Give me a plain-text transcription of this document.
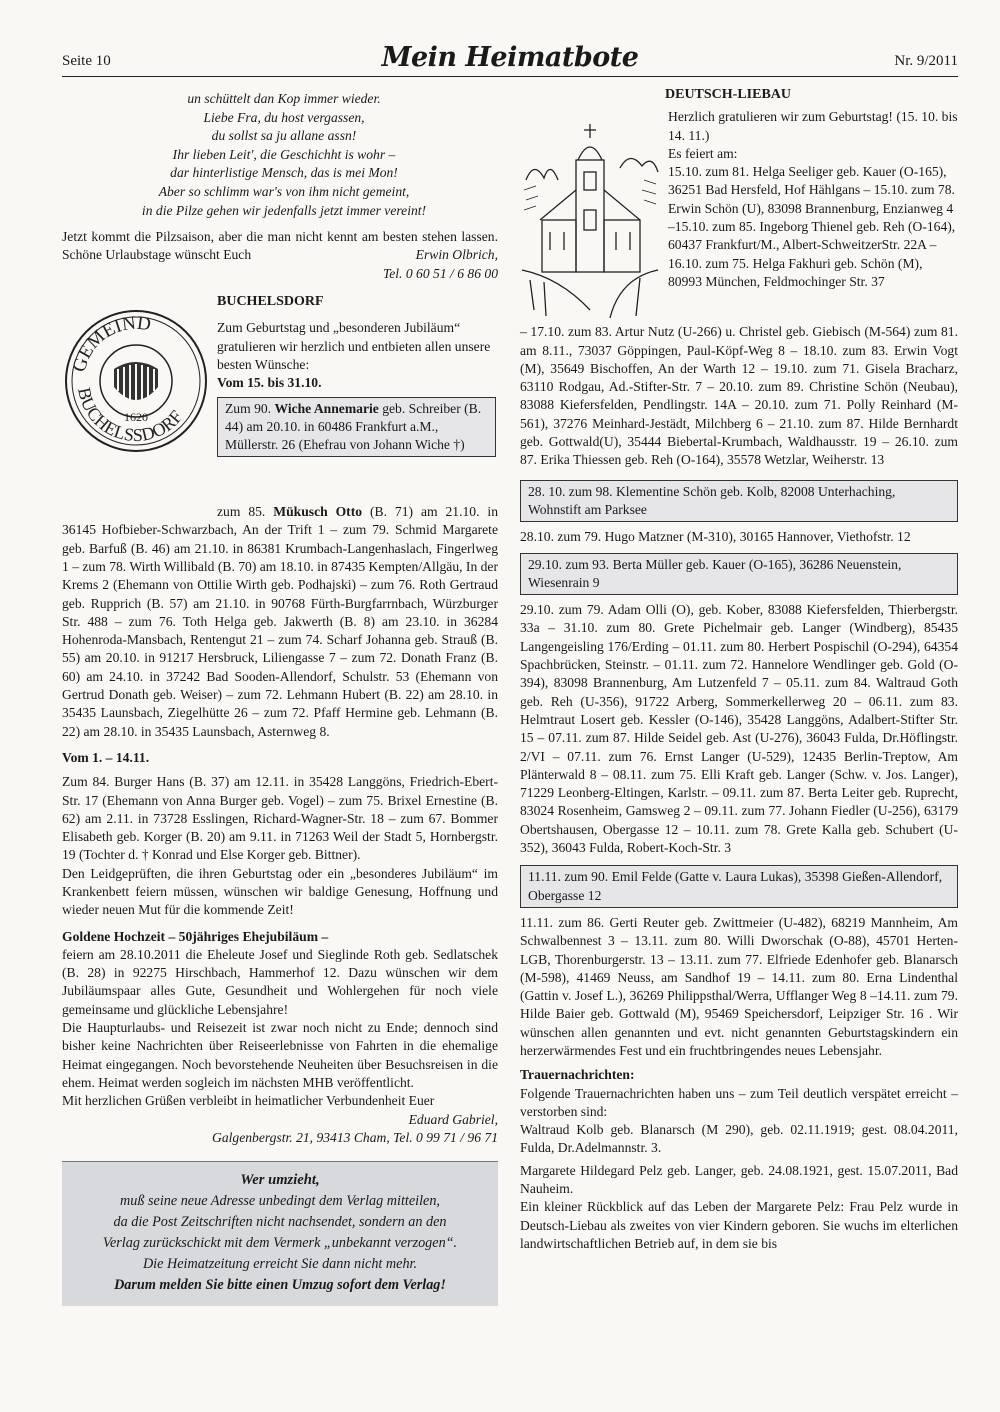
Seite 10	Mein Heimatbote	Nr. 9/2011
un schüttelt dan Kop immer wieder.
Liebe Fra, du host vergassen,
du sollst sa ju allane assn!
Ihr lieben Leit', die Geschichht is wohr –
dar hinterlistige Mensch, das is mei Mon!
Aber so schlimm war's von ihm nicht gemeint,
in die Pilze gehen wir jedenfalls jetzt immer vereint!

Jetzt kommt die Pilzsaison, aber die man nicht kennt am besten stehen lassen. Schöne Urlaubstage wünscht Euch	Erwin Olbrich,

Tel. 0 60 51 / 6 86 00

GEMEIND
BUCHELSSDORF
1620

BUCHELSDORF

Zum Geburtstag und „besonderen Jubiläum“ gratulieren wir herzlich und entbieten allen unsere besten Wünsche:

Vom 15. bis 31.10.

Zum 90. Wiche Annemarie geb. Schreiber (B. 44) am 20.10. in 60486 Frankfurt a.M., Müllerstr. 26 (Ehefrau von Johann Wiche †)

zum 85. Mükusch Otto (B. 71) am 21.10. in 36145 Hofbieber-Schwarzbach, An der Trift 1 – zum 79. Schmid Margarete geb. Barfuß (B. 46) am 21.10. in 86381 Krumbach-Langenhaslach, Fingerlweg 1 – zum 78. Wirth Willibald (B. 70) am 18.10. in 87435 Kempten/Allgäu, In der Krems 2 (Ehemann von Ottilie Wirth geb. Podhajski) – zum 76. Roth Gertraud geb. Rupprich (B. 57) am 21.10. in 90768 Fürth-Burgfarrnbach, Würzburger Str. 488 – zum 76. Toth Helga geb. Jakwerth (B. 8) am 23.10. in 36284 Hohenroda-Mansbach, Rentengut 21 – zum 74. Scharf Johanna geb. Strauß (B. 55) am 20.10. in 91217 Hersbruck, Liliengasse 7 – zum 72. Donath Franz (B. 60) am 24.10. in 37242 Bad Sooden-Allendorf, Schulstr. 53 (Ehemann von Gertrud Donath geb. Weiser) – zum 72. Lehmann Hubert (B. 22) am 28.10. in 35435 Launsbach, Ziegelhütte 26 – zum 72. Pfaff Hermine geb. Lehmann (B. 22) am 28.10. in 35435 Launsbach, Asternweg 8.

Vom 1. – 14.11.

Zum 84. Burger Hans (B. 37) am 12.11. in 35428 Langgöns, Friedrich-Ebert-Str. 17 (Ehemann von Anna Burger geb. Vogel) – zum 75. Brixel Ernestine (B. 62) am 2.11. in 73728 Esslingen, Richard-Wagner-Str. 18 – zum 67. Bommer Elisabeth geb. Korger (B. 20) am 9.11. in 71263 Weil der Stadt 5, Hornbergstr. 19 (Tochter d. † Konrad und Else Korger geb. Bittner).

Den Leidgeprüften, die ihren Geburtstag oder ein „besonderes Jubiläum“ im Krankenbett feiern müssen, wünschen wir baldige Genesung, Hoffnung und wieder neuen Mut für die kommende Zeit!

Goldene Hochzeit – 50jähriges Ehejubiläum –

feiern am 28.10.2011 die Eheleute Josef und Sieglinde Roth geb. Sedlatschek (B. 28) in 92275 Hirschbach, Hammerhof 12. Dazu wünschen wir dem Jubiläumspaar alles Gute, Gesundheit und Wohlergehen für noch viele gemeinsame und glückliche Lebensjahre!

Die Haupturlaubs- und Reisezeit ist zwar noch nicht zu Ende; dennoch sind bisher keine Nachrichten über Reiseerlebnisse von Fahrten in die ehemalige Heimat eingegangen. Noch bevorstehende Neuheiten über Besuchsreisen in die ehem. Heimat werden sogleich im nächsten MHB veröffentlicht.

Mit herzlichen Grüßen verbleibt in heimatlicher Verbundenheit Euer

Eduard Gabriel,

Galgenbergstr. 21, 93413 Cham, Tel. 0 99 71 / 96 71

Wer umzieht,
muß seine neue Adresse unbedingt dem Verlag mitteilen,
da die Post Zeitschriften nicht nachsendet, sondern an den
Verlag zurückschickt mit dem Vermerk „unbekannt verzogen“.
Die Heimatzeitung erreicht Sie dann nicht mehr.
Darum melden Sie bitte einen Umzug sofort dem Verlag!

DEUTSCH-LIEBAU

Herzlich gratulieren wir zum Geburtstag! (15. 10. bis 14. 11.)

Es feiert am:

15.10. zum 81. Helga Seeliger geb. Kauer (O-165), 36251 Bad Hersfeld, Hof Hählgans – 15.10. zum 78. Erwin Schön (U), 83098 Brannenburg, Enzianweg 4 –15.10. zum 85. Ingeborg Thienel geb. Reh (O-164), 60437 Frankfurt/M., Albert-SchweitzerStr. 22A – 16.10. zum 75. Helga Fakhuri geb. Schön (M), 80993 München, Feldmochinger Str. 37

– 17.10. zum 83. Artur Nutz (U-266) u. Christel geb. Giebisch (M-564) zum 81. am 8.11., 73037 Göppingen, Paul-Köpf-Weg 8 – 18.10. zum 83. Erwin Vogt (M), 35649 Bischoffen, An der Warth 12 – 19.10. zum 71. Gisela Bracharz, 63110 Rodgau, Ad.-Stifter-Str. 7 – 20.10. zum 89. Christine Schön (Neubau), 83088 Kiefersfelden, Pendlingstr. 14A – 20.10. zum 71. Polly Reinhard (M-561), 37276 Meinhard-Jestädt, Milchberg 6 – 21.10. zum 87. Hilde Bernhardt geb. Gottwald(U), 35444 Biebertal-Krumbach, Waldhausstr. 19 – 26.10. zum 87. Erika Thiessen geb. Reh (O-164), 35578 Wetzlar, Weiherstr. 13

28. 10. zum 98. Klementine Schön geb. Kolb, 82008 Unterhaching, Wohnstift am Parksee

28.10. zum 79. Hugo Matzner (M-310), 30165 Hannover, Viethofstr. 12

29.10. zum 93. Berta Müller geb. Kauer (O-165), 36286 Neuenstein, Wiesenrain 9

29.10. zum 79. Adam Olli (O), geb. Kober, 83088 Kiefersfelden, Thierbergstr. 33a – 31.10. zum 80. Grete Pichelmair geb. Langer (Windberg), 85435 Langengeisling 176/Erding – 01.11. zum 80. Herbert Pospischil (O-294), 64354 Spachbrücken, Steinstr. – 01.11. zum 72. Hannelore Wendlinger geb. Gold (O-394), 83098 Brannenburg, Am Lutzenfeld 7 – 05.11. zum 84. Waltraud Goth geb. Reh (U-356), 91722 Arberg, Sommerkellerweg 20 – 06.11. zum 83. Helmtraut Losert geb. Kessler (O-146), 35428 Langgöns, Adalbert-Stifter Str. 15 – 07.11. zum 87. Hilde Seidel geb. Ast (U-276), 36043 Fulda, Dr.Höflingstr. 2/VI – 07.11. zum 76. Ernst Langer (U-529), 12435 Berlin-Treptow, Am Plänterwald 8 – 08.11. zum 75. Elli Kraft geb. Langer (Schw. v. Jos. Langer), 71229 Leonberg-Eltingen, Karlstr. – 09.11. zum 87. Berta Leiter geb. Ruprecht, 83024 Rosenheim, Gamsweg 2 – 09.11. zum 77. Johann Fiedler (U-256), 63179 Obertshausen, Obergasse 12 – 10.11. zum 78. Grete Kalla geb. Schubert (U-352), 36043 Fulda, Robert-Koch-Str. 3

11.11. zum 90. Emil Felde (Gatte v. Laura Lukas), 35398 Gießen-Allendorf, Obergasse 12

11.11. zum 86. Gerti Reuter geb. Zwittmeier (U-482), 68219 Mannheim, Am Schwalbennest 3 – 13.11. zum 80. Willi Dworschak (O-88), 45701 Herten-LGB, Thorenburgerstr. 13 – 13.11. zum 77. Elfriede Edenhofer geb. Blanarsch (M-598), 41469 Neuss, am Sandhof 19 – 14.11. zum 80. Erna Lindenthal (Gattin v. Josef L.), 36269 Philippsthal/Werra, Ufflanger Weg 8 –14.11. zum 79. Hilde Baier geb. Gottwald (M), 95469 Speichersdorf, Leipziger Str. 16 . Wir wünschen allen genannten und evt. nicht genannten Geburtstagskindern ein herzerwärmendes Fest und ein fruchtbringendes neues Lebensjahr.

Trauernachrichten:

Folgende Trauernachrichten haben uns – zum Teil deutlich verspätet erreicht – verstorben sind:

Waltraud Kolb geb. Blanarsch (M 290), geb. 02.11.1919; gest. 08.04.2011, Fulda, Dr.Adelmannstr. 3.

Margarete Hildegard Pelz geb. Langer, geb. 24.08.1921, gest. 15.07.2011, Bad Nauheim.

Ein kleiner Rückblick auf das Leben der Margarete Pelz: Frau Pelz wurde in Deutsch-Liebau als zweites von vier Kindern geboren. Sie wuchs im elterlichen landwirtschaftlichen Betrieb auf, in dem sie bis
